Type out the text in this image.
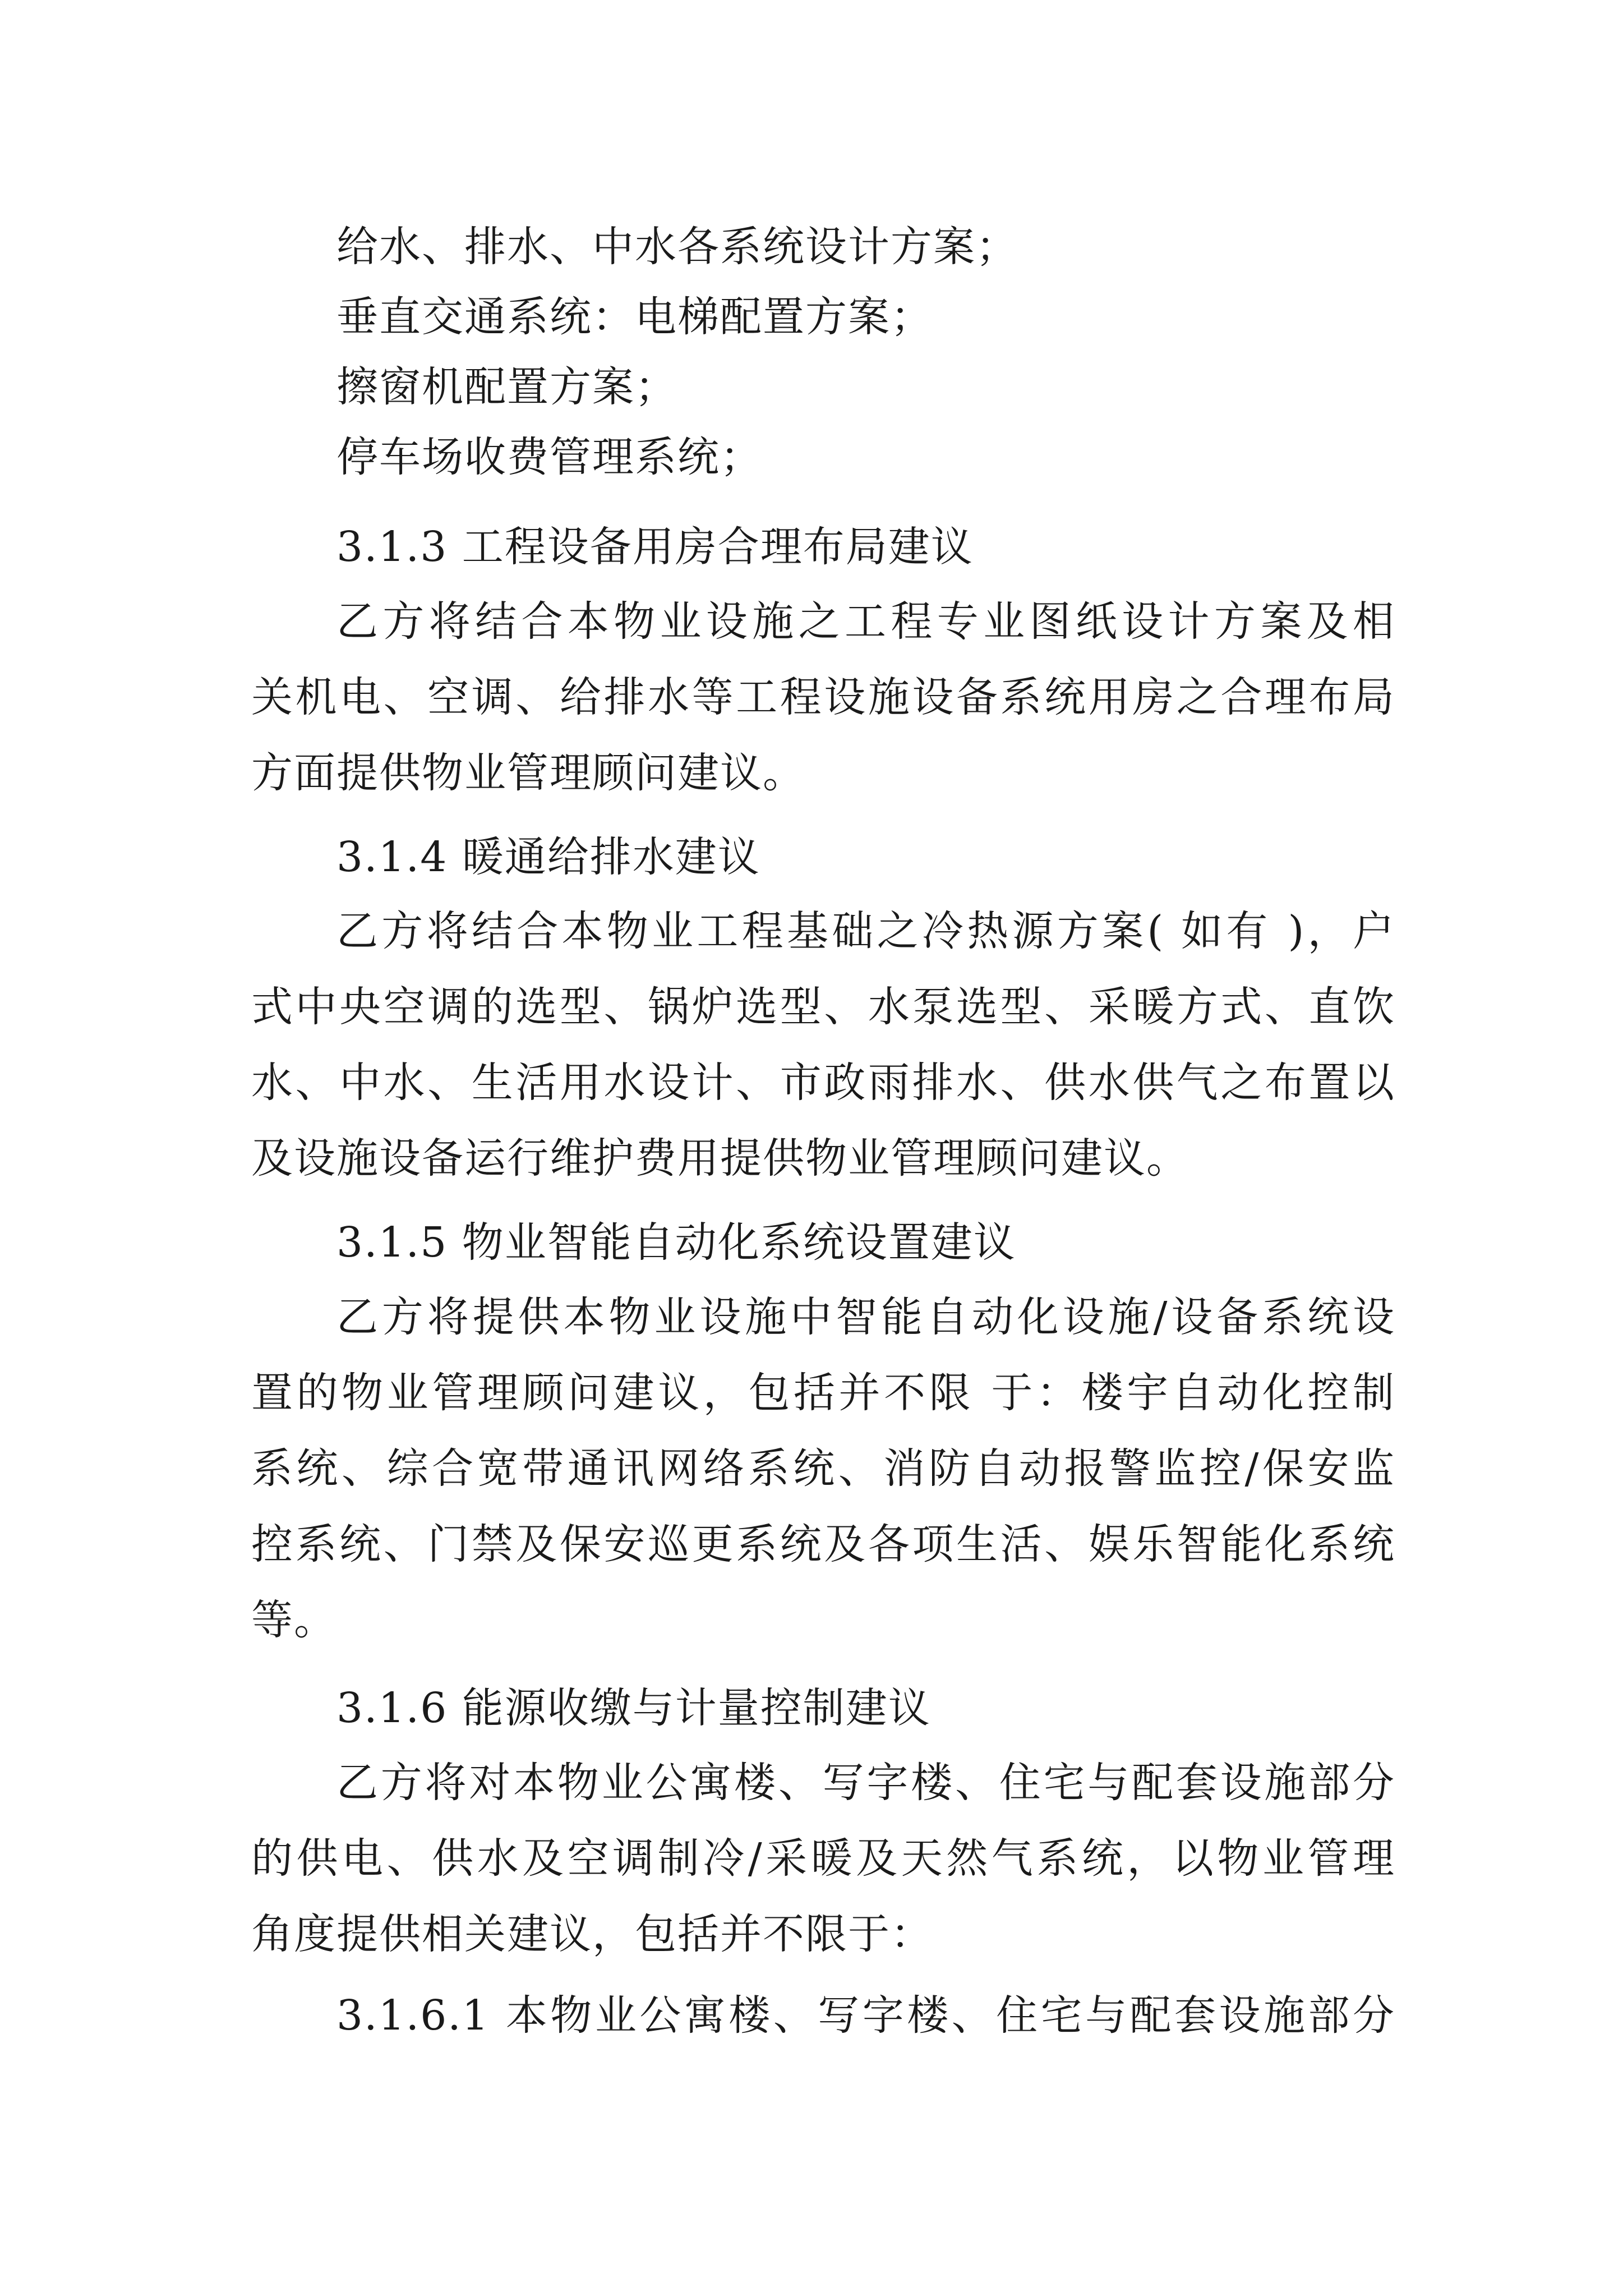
给水、排水、中水各系统设计方案；
垂直交通系统：电梯配置方案；
擦窗机配置方案；
停车场收费管理系统；
3.1.3 工程设备用房合理布局建议
乙方将结合本物业设施之工程专业图纸设计方案及相
关机电、空调、给排水等工程设施设备系统用房之合理布局
方面提供物业管理顾问建议。
3.1.4 暖通给排水建议
乙方将结合本物业工程基础之冷热源方案( 如有 )，户
式中央空调的选型、锅炉选型、水泵选型、采暖方式、直饮
水、中水、生活用水设计、市政雨排水、供水供气之布置以
及设施设备运行维护费用提供物业管理顾问建议。
3.1.5 物业智能自动化系统设置建议
乙方将提供本物业设施中智能自动化设施/设备系统设
置的物业管理顾问建议，包括并不限 于：楼宇自动化控制
系统、综合宽带通讯网络系统、消防自动报警监控/保安监
控系统、门禁及保安巡更系统及各项生活、娱乐智能化系统
等。
3.1.6 能源收缴与计量控制建议
乙方将对本物业公寓楼、写字楼、住宅与配套设施部分
的供电、供水及空调制冷/采暖及天然气系统，以物业管理
角度提供相关建议，包括并不限于：
3.1.6.1 本物业公寓楼、写字楼、住宅与配套设施部分
